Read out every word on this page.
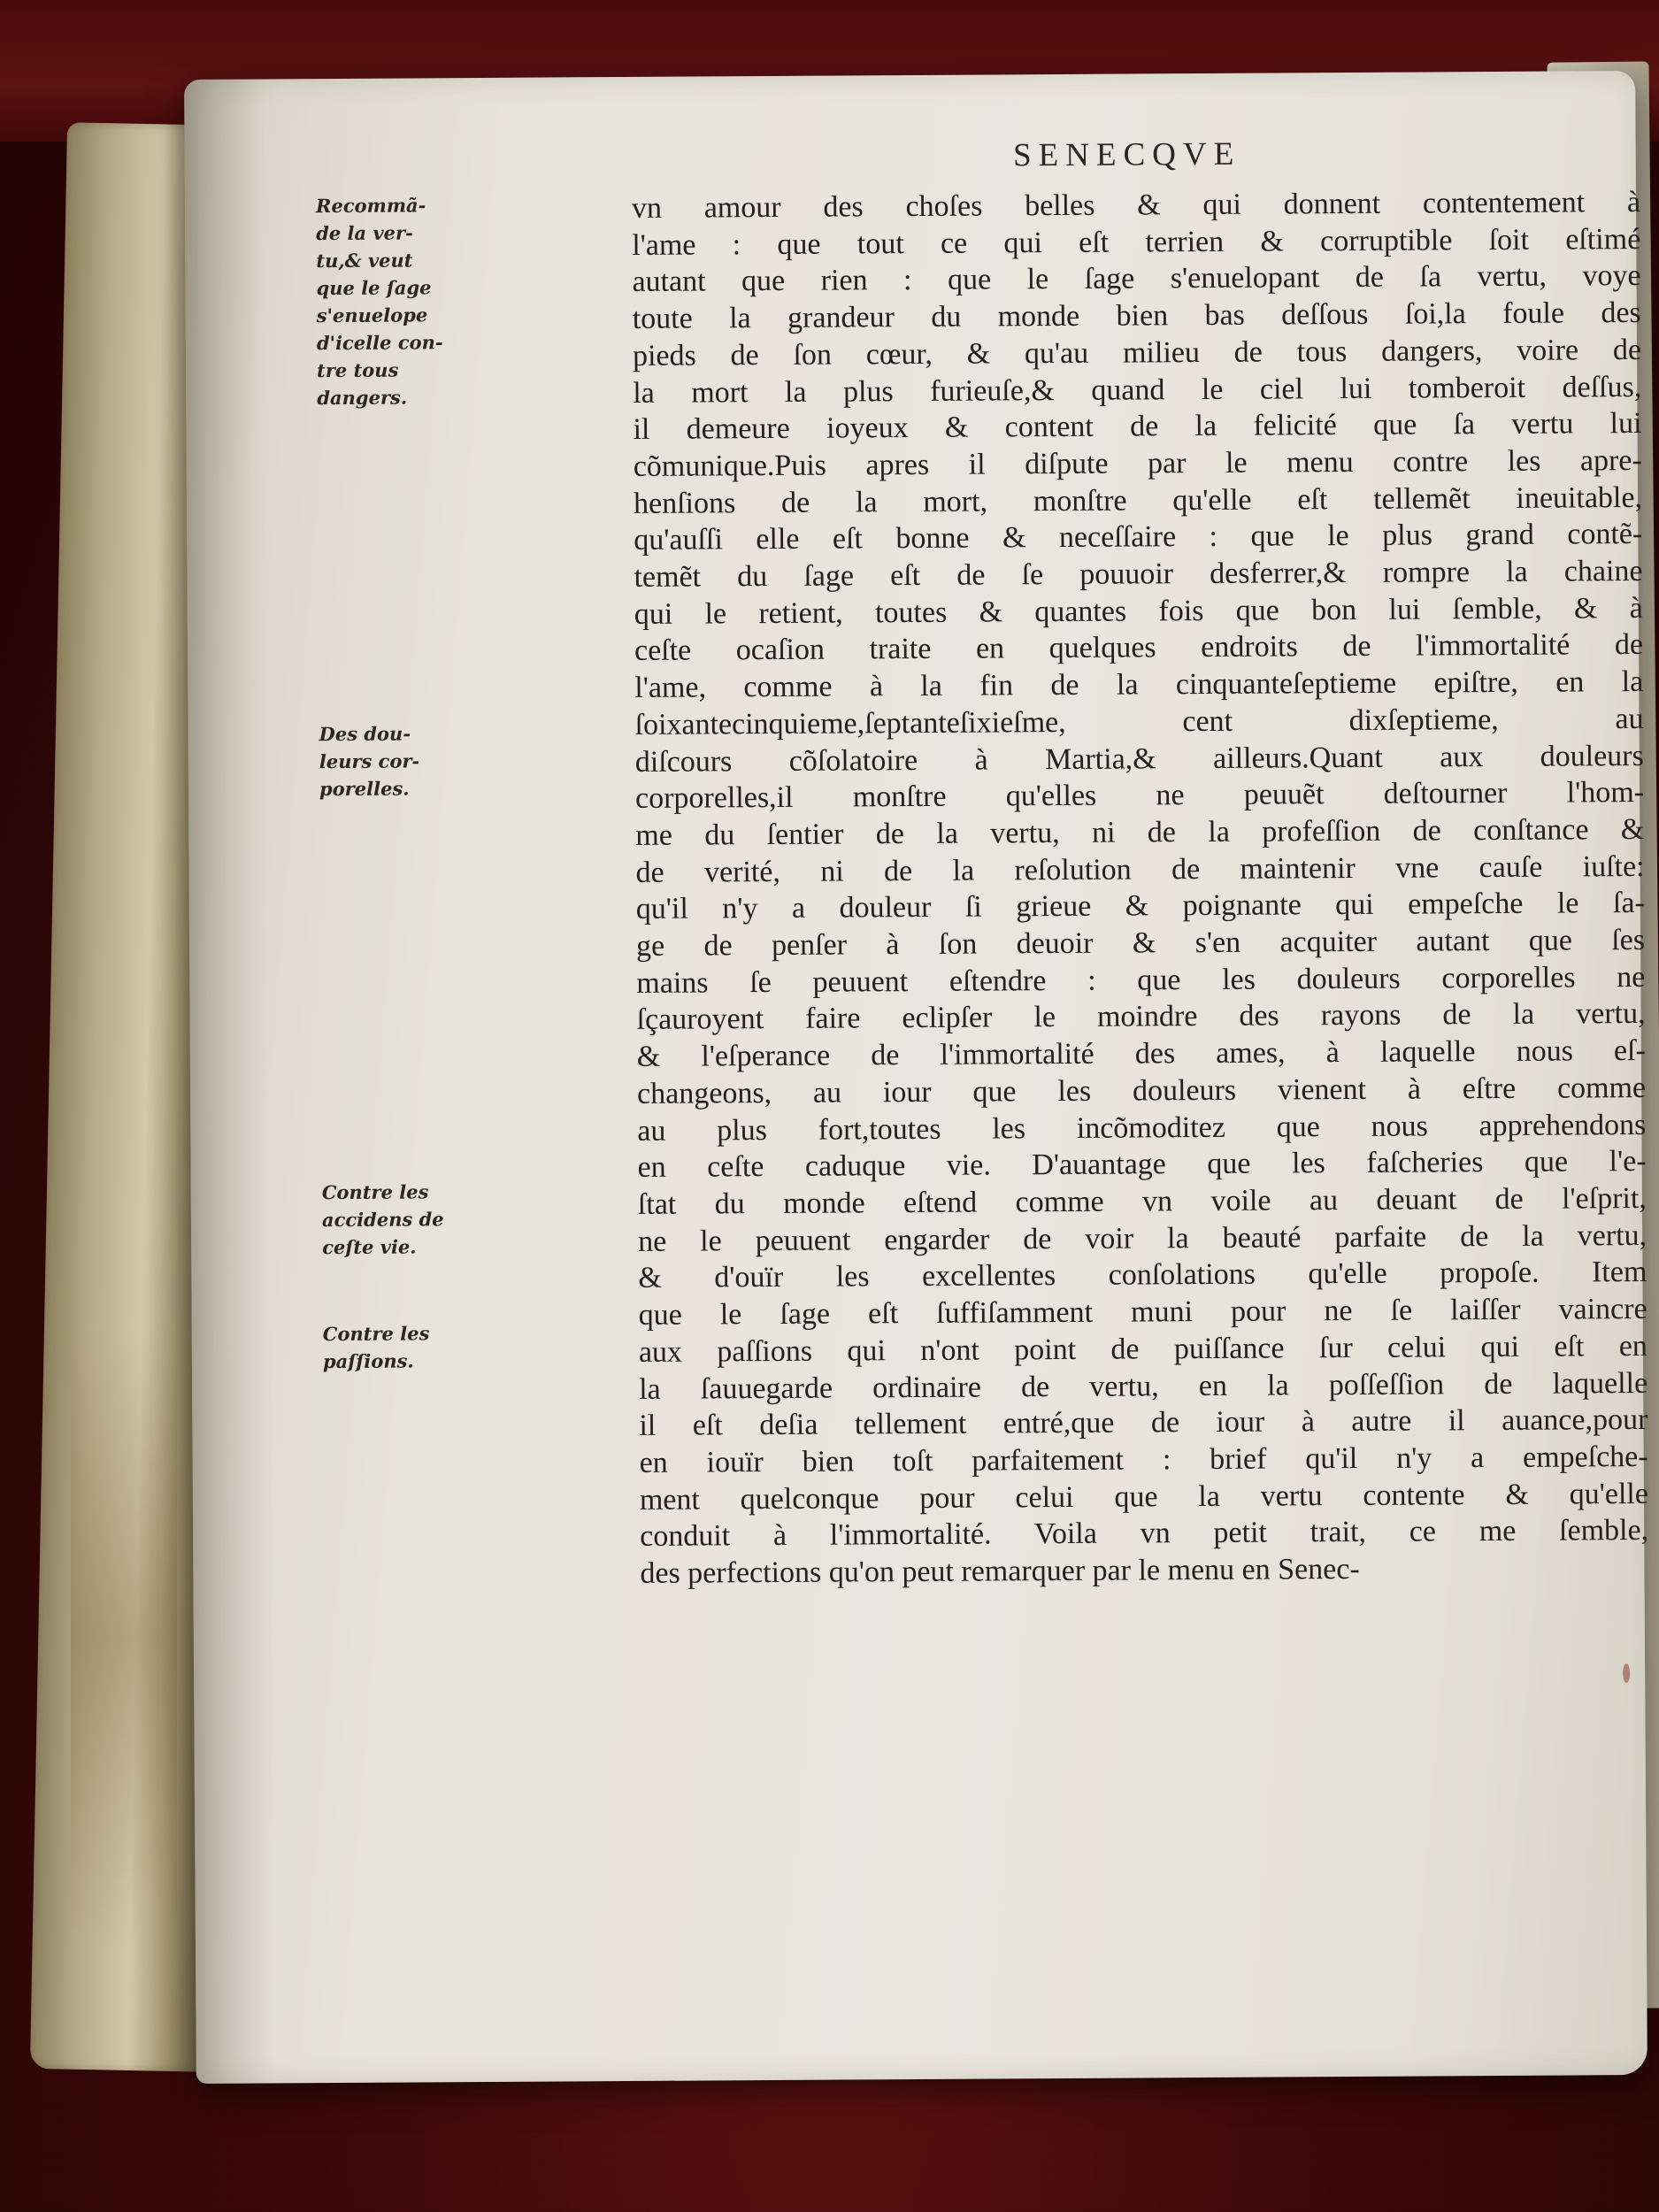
SENECQVE
Recommã-
de la ver-
tu,& veut
que le ſage
s'enuelope
d'icelle con-
tre tous
dangers.
Des dou-
leurs cor-
porelles.
Contre les
accidens de
ceſte vie.
Contre les
paſſions.
vn amour des choſes belles & qui donnent contentement à
l'ame : que tout ce qui eſt terrien & corruptible ſoit eſtimé
autant que rien : que le ſage s'enuelopant de ſa vertu, voye
toute la grandeur du monde bien bas deſſous ſoi,la foule des
pieds de ſon cœur, & qu'au milieu de tous dangers, voire de
la mort la plus furieuſe,& quand le ciel lui tomberoit deſſus,
il demeure ioyeux & content de la felicité que ſa vertu lui
cõmunique.Puis apres il diſpute par le menu contre les apre-
henſions de la mort, monſtre qu'elle eſt tellemẽt ineuitable,
qu'auſſi elle eſt bonne & neceſſaire : que le plus grand contẽ-
temẽt du ſage eſt de ſe pouuoir desferrer,& rompre la chaine
qui le retient, toutes & quantes fois que bon lui ſemble, & à
ceſte ocaſion traite en quelques endroits de l'immortalité de
l'ame, comme à la fin de la cinquanteſeptieme epiſtre, en la
ſoixantecinquieme,ſeptanteſixieſme, cent dixſeptieme, au
diſcours cõſolatoire à Martia,& ailleurs.Quant aux douleurs
corporelles,il monſtre qu'elles ne peuuẽt deſtourner l'hom-
me du ſentier de la vertu, ni de la profeſſion de conſtance &
de verité, ni de la reſolution de maintenir vne cauſe iuſte:
qu'il n'y a douleur ſi grieue & poignante qui empeſche le ſa-
ge de penſer à ſon deuoir & s'en acquiter autant que ſes
mains ſe peuuent eſtendre : que les douleurs corporelles ne
ſçauroyent faire eclipſer le moindre des rayons de la vertu,
& l'eſperance de l'immortalité des ames, à laquelle nous eſ-
changeons, au iour que les douleurs vienent à eſtre comme
au plus fort,toutes les incõmoditez que nous apprehendons
en ceſte caduque vie. D'auantage que les faſcheries que l'e-
ſtat du monde eſtend comme vn voile au deuant de l'eſprit,
ne le peuuent engarder de voir la beauté parfaite de la vertu,
& d'ouïr les excellentes conſolations qu'elle propoſe. Item
que le ſage eſt ſuffiſamment muni pour ne ſe laiſſer vaincre
aux paſſions qui n'ont point de puiſſance ſur celui qui eſt en
la ſauuegarde ordinaire de vertu, en la poſſeſſion de laquelle
il eſt deſia tellement entré,que de iour à autre il auance,pour
en iouïr bien toſt parfaitement : brief qu'il n'y a empeſche-
ment quelconque pour celui que la vertu contente & qu'elle
conduit à l'immortalité. Voila vn petit trait, ce me ſemble,
des perfections qu'on peut remarquer par le menu en Senec-
